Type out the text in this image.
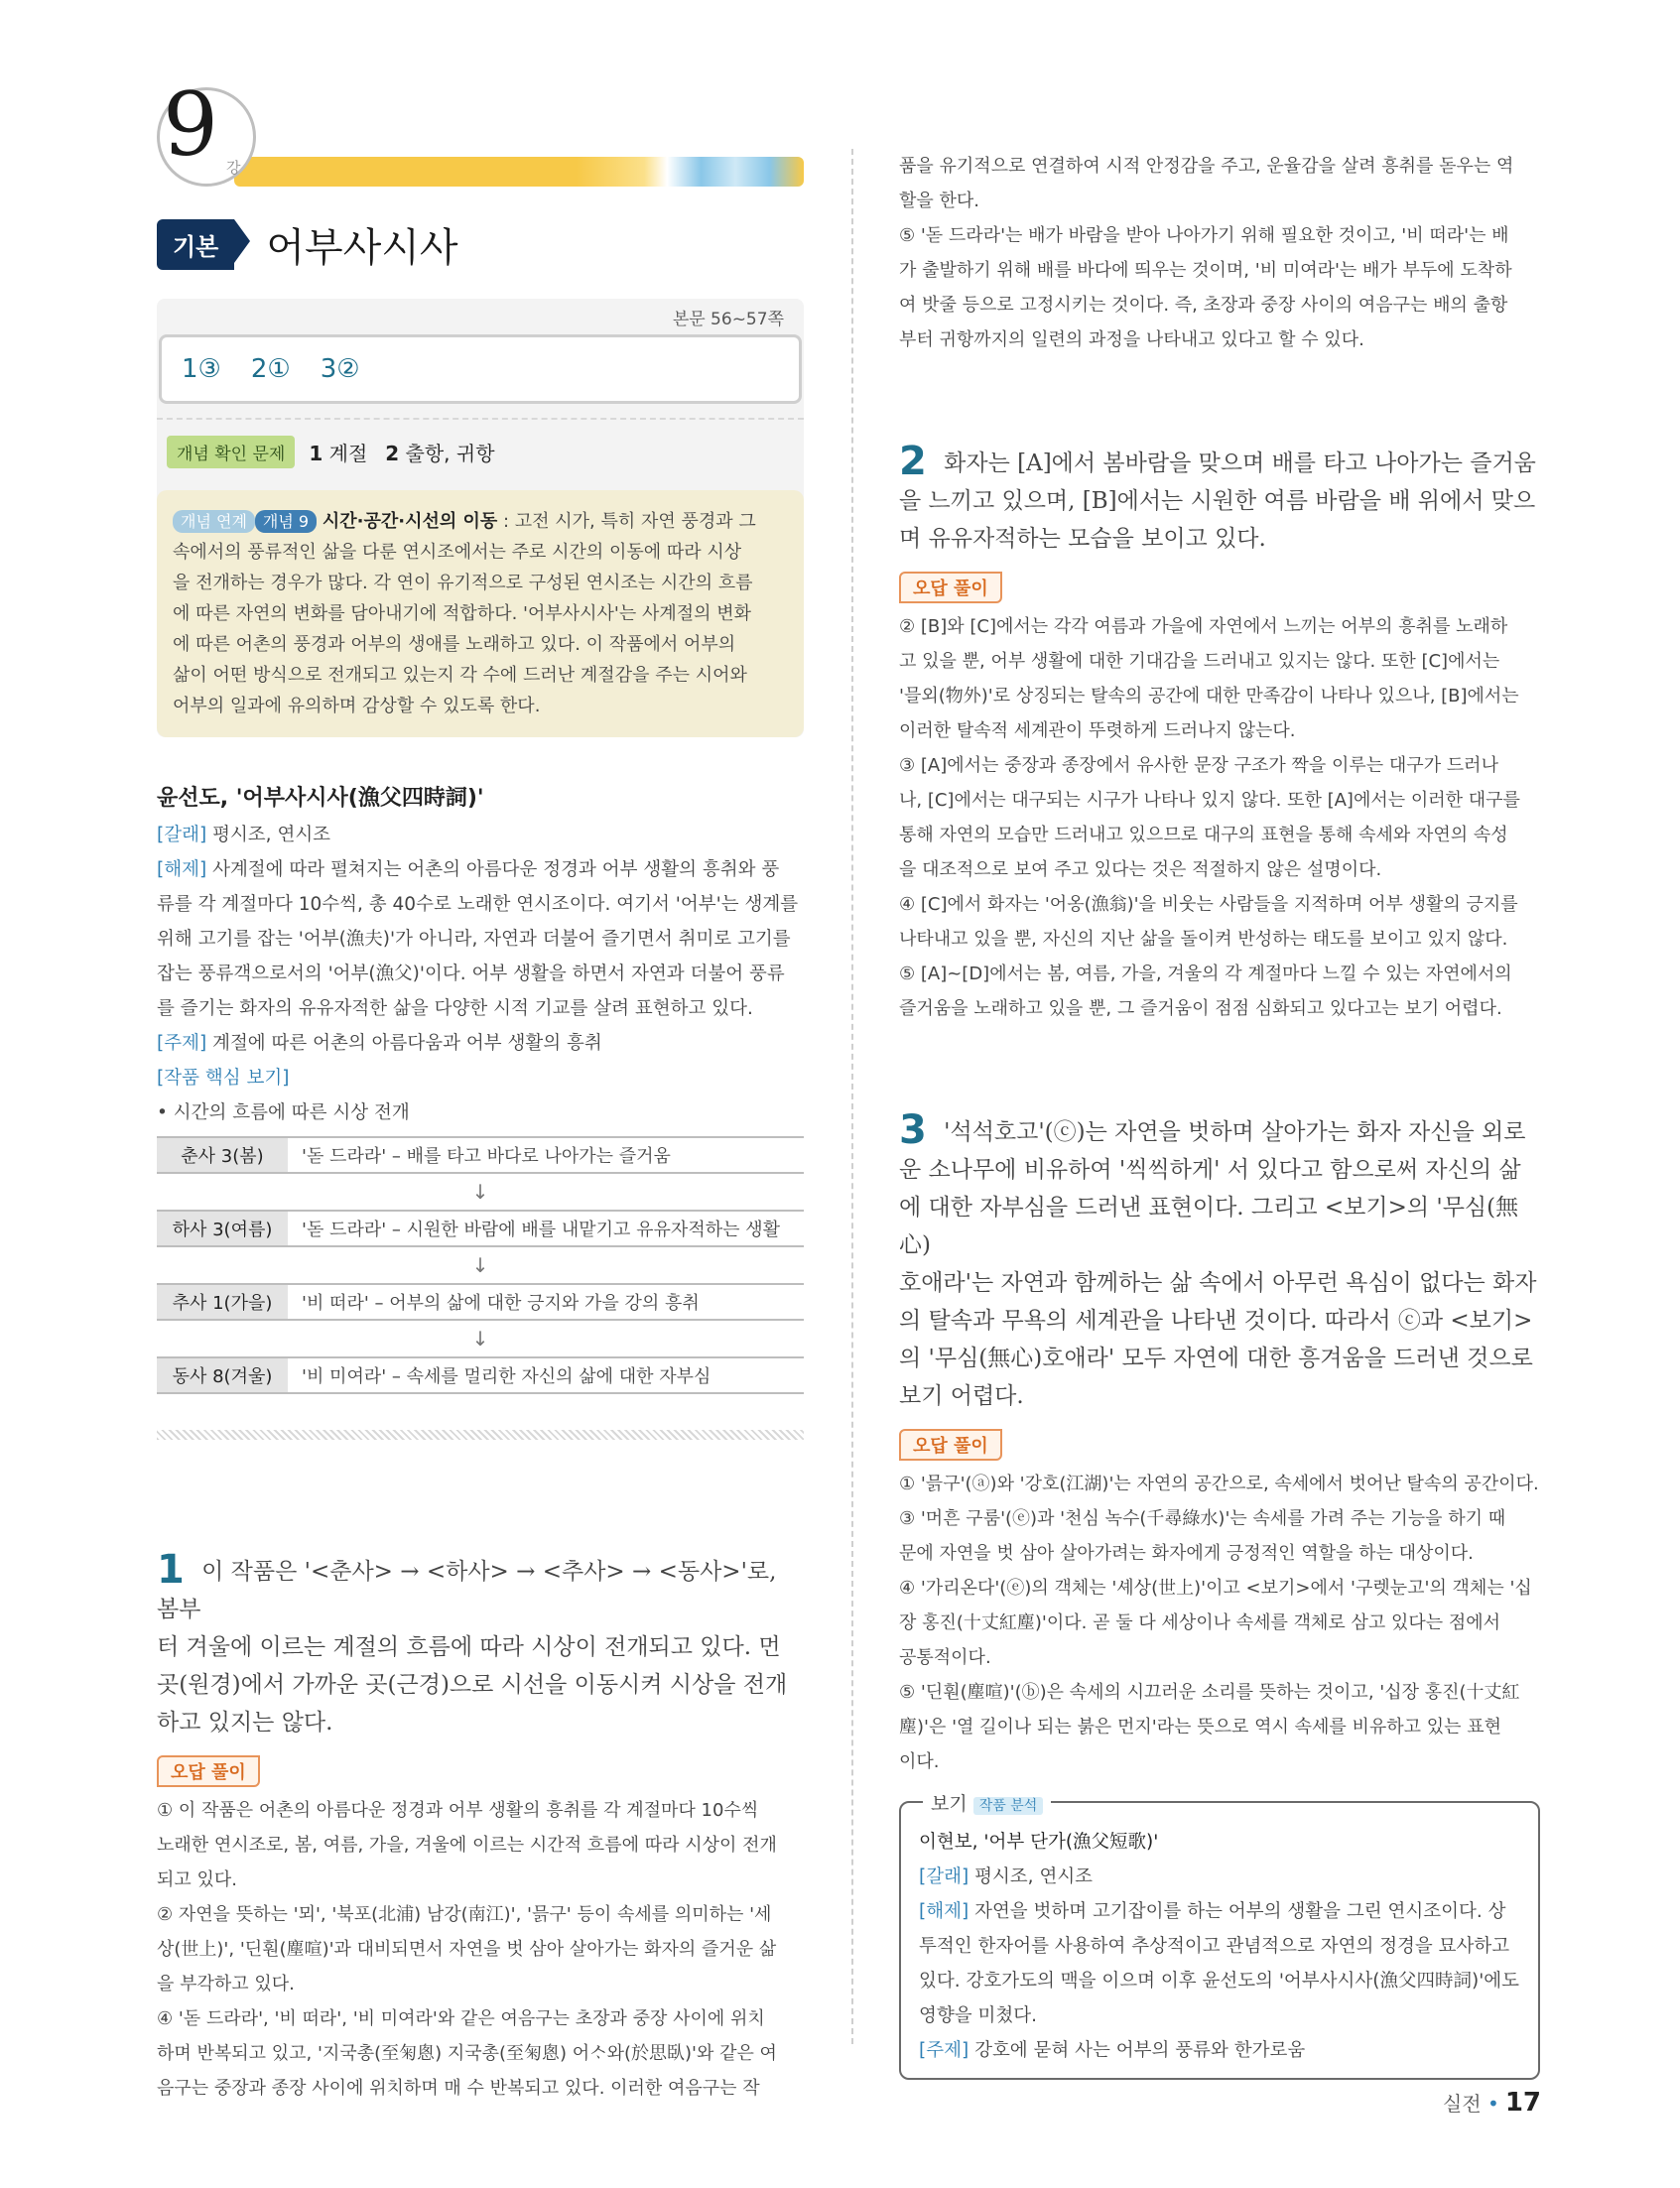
9 강
기본	어부사시사
본문 56~57쪽
1③ 2① 3②
개념 확인 문제	1 계절 2 출항, 귀항
개념 연계 개념 9 시간·공간·시선의 이동 : 고전 시가, 특히 자연 풍경과 그
속에서의 풍류적인 삶을 다룬 연시조에서는 주로 시간의 이동에 따라 시상
을 전개하는 경우가 많다. 각 연이 유기적으로 구성된 연시조는 시간의 흐름
에 따른 자연의 변화를 담아내기에 적합하다. '어부사시사'는 사계절의 변화
에 따른 어촌의 풍경과 어부의 생애를 노래하고 있다. 이 작품에서 어부의
삶이 어떤 방식으로 전개되고 있는지 각 수에 드러난 계절감을 주는 시어와
어부의 일과에 유의하며 감상할 수 있도록 한다.
윤선도, '어부사시사(漁父四時詞)'
[갈래] 평시조, 연시조
[해제] 사계절에 따라 펼쳐지는 어촌의 아름다운 정경과 어부 생활의 흥취와 풍
류를 각 계절마다 10수씩, 총 40수로 노래한 연시조이다. 여기서 '어부'는 생계를
위해 고기를 잡는 '어부(漁夫)'가 아니라, 자연과 더불어 즐기면서 취미로 고기를
잡는 풍류객으로서의 '어부(漁父)'이다. 어부 생활을 하면서 자연과 더불어 풍류
를 즐기는 화자의 유유자적한 삶을 다양한 시적 기교를 살려 표현하고 있다.
[주제] 계절에 따른 어촌의 아름다움과 어부 생활의 흥취
[작품 핵심 보기]
• 시간의 흐름에 따른 시상 전개
춘사 3(봄)	'돋 드라라' – 배를 타고 바다로 나아가는 즐거움
↓
하사 3(여름)	'돋 드라라' – 시원한 바람에 배를 내맡기고 유유자적하는 생활
↓
추사 1(가을)	'비 떠라' – 어부의 삶에 대한 긍지와 가을 강의 흥취
↓
동사 8(겨울)	'비 미여라' – 속세를 멀리한 자신의 삶에 대한 자부심
1 이 작품은 '<춘사> → <하사> → <추사> → <동사>'로, 봄부
터 겨울에 이르는 계절의 흐름에 따라 시상이 전개되고 있다. 먼
곳(원경)에서 가까운 곳(근경)으로 시선을 이동시켜 시상을 전개
하고 있지는 않다.
오답 풀이
① 이 작품은 어촌의 아름다운 정경과 어부 생활의 흥취를 각 계절마다 10수씩
노래한 연시조로, 봄, 여름, 가을, 겨울에 이르는 시간적 흐름에 따라 시상이 전개
되고 있다.
② 자연을 뜻하는 '뫼', '북포(北浦) 남강(南江)', '믉구' 등이 속세를 의미하는 '세
상(世上)', '딘훤(塵喧)'과 대비되면서 자연을 벗 삼아 살아가는 화자의 즐거운 삶
을 부각하고 있다.
④ '돋 드라라', '비 떠라', '비 미여라'와 같은 여음구는 초장과 중장 사이에 위치
하며 반복되고 있고, '지국총(至匊悤) 지국총(至匊悤) 어ᄉᆞ와(於思臥)'와 같은 여
음구는 중장과 종장 사이에 위치하며 매 수 반복되고 있다. 이러한 여음구는 작
품을 유기적으로 연결하여 시적 안정감을 주고, 운율감을 살려 흥취를 돋우는 역
할을 한다.
⑤ '돋 드라라'는 배가 바람을 받아 나아가기 위해 필요한 것이고, '비 떠라'는 배
가 출발하기 위해 배를 바다에 띄우는 것이며, '비 미여라'는 배가 부두에 도착하
여 밧줄 등으로 고정시키는 것이다. 즉, 초장과 중장 사이의 여음구는 배의 출항
부터 귀항까지의 일련의 과정을 나타내고 있다고 할 수 있다.
2 화자는 [A]에서 봄바람을 맞으며 배를 타고 나아가는 즐거움
을 느끼고 있으며, [B]에서는 시원한 여름 바람을 배 위에서 맞으
며 유유자적하는 모습을 보이고 있다.
오답 풀이
② [B]와 [C]에서는 각각 여름과 가을에 자연에서 느끼는 어부의 흥취를 노래하
고 있을 뿐, 어부 생활에 대한 기대감을 드러내고 있지는 않다. 또한 [C]에서는
'믈외(物外)'로 상징되는 탈속의 공간에 대한 만족감이 나타나 있으나, [B]에서는
이러한 탈속적 세계관이 뚜렷하게 드러나지 않는다.
③ [A]에서는 중장과 종장에서 유사한 문장 구조가 짝을 이루는 대구가 드러나
나, [C]에서는 대구되는 시구가 나타나 있지 않다. 또한 [A]에서는 이러한 대구를
통해 자연의 모습만 드러내고 있으므로 대구의 표현을 통해 속세와 자연의 속성
을 대조적으로 보여 주고 있다는 것은 적절하지 않은 설명이다.
④ [C]에서 화자는 '어옹(漁翁)'을 비웃는 사람들을 지적하며 어부 생활의 긍지를
나타내고 있을 뿐, 자신의 지난 삶을 돌이켜 반성하는 태도를 보이고 있지 않다.
⑤ [A]~[D]에서는 봄, 여름, 가을, 겨울의 각 계절마다 느낄 수 있는 자연에서의
즐거움을 노래하고 있을 뿐, 그 즐거움이 점점 심화되고 있다고는 보기 어렵다.
3 '석석호고'(ⓒ)는 자연을 벗하며 살아가는 화자 자신을 외로
운 소나무에 비유하여 '씩씩하게' 서 있다고 함으로써 자신의 삶
에 대한 자부심을 드러낸 표현이다. 그리고 <보기>의 '무심(無心)
호애라'는 자연과 함께하는 삶 속에서 아무런 욕심이 없다는 화자
의 탈속과 무욕의 세계관을 나타낸 것이다. 따라서 ⓒ과 <보기>
의 '무심(無心)호애라' 모두 자연에 대한 흥겨움을 드러낸 것으로
보기 어렵다.
오답 풀이
① '믉구'(ⓐ)와 '강호(江湖)'는 자연의 공간으로, 속세에서 벗어난 탈속의 공간이다.
③ '머흔 구룸'(ⓔ)과 '천심 녹수(千尋綠水)'는 속세를 가려 주는 기능을 하기 때
문에 자연을 벗 삼아 살아가려는 화자에게 긍정적인 역할을 하는 대상이다.
④ '가리온다'(ⓔ)의 객체는 '셰상(世上)'이고 <보기>에서 '구렛눈고'의 객체는 '십
장 홍진(十丈紅塵)'이다. 곧 둘 다 세상이나 속세를 객체로 삼고 있다는 점에서
공통적이다.
⑤ '딘훤(塵喧)'(ⓑ)은 속세의 시끄러운 소리를 뜻하는 것이고, '십장 홍진(十丈紅
塵)'은 '열 길이나 되는 붉은 먼지'라는 뜻으로 역시 속세를 비유하고 있는 표현
이다.
보기 작품 분석
이현보, '어부 단가(漁父短歌)'
[갈래] 평시조, 연시조
[해제] 자연을 벗하며 고기잡이를 하는 어부의 생활을 그린 연시조이다. 상
투적인 한자어를 사용하여 추상적이고 관념적으로 자연의 정경을 묘사하고
있다. 강호가도의 맥을 이으며 이후 윤선도의 '어부사시사(漁父四時詞)'에도
영향을 미쳤다.
[주제] 강호에 묻혀 사는 어부의 풍류와 한가로움
실전 • 17
